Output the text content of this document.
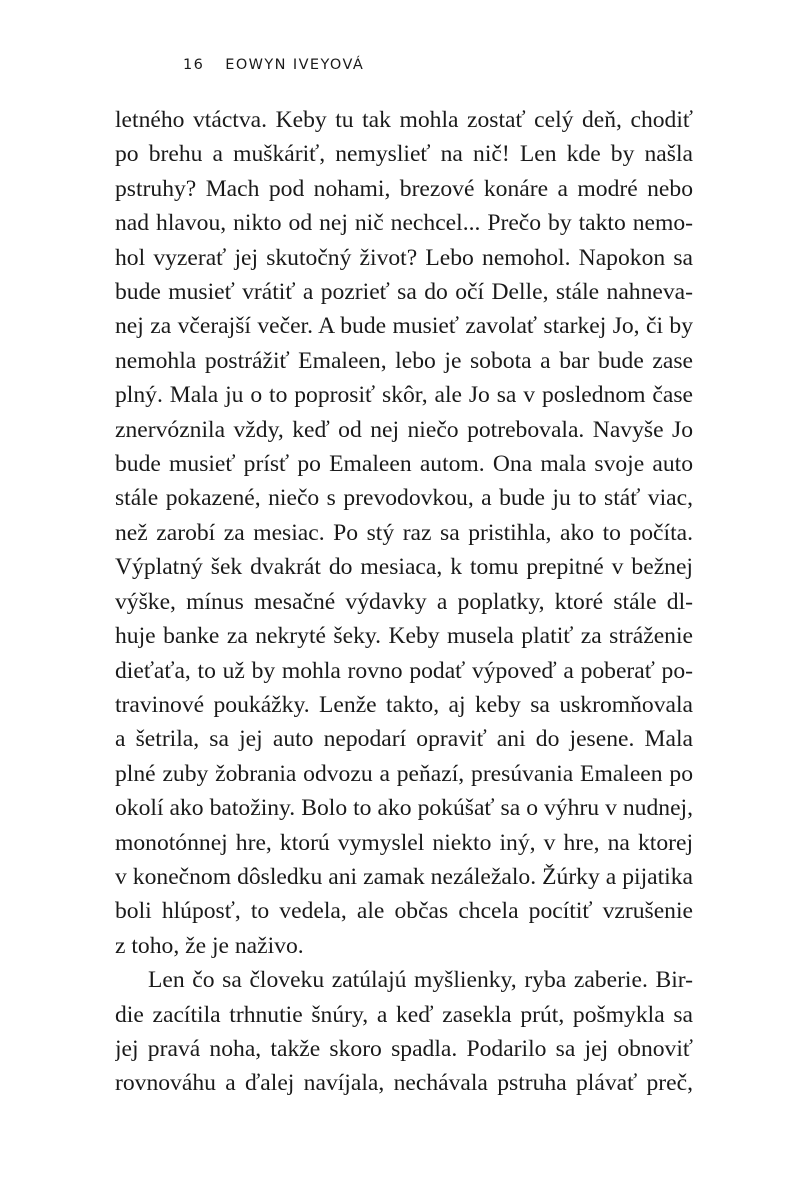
16 EOWYN IVEYOVÁ

letného vtáctva. Keby tu tak mohla zostať celý deň, chodiť
po brehu a muškáriť, nemyslieť na nič! Len kde by našla
pstruhy? Mach pod nohami, brezové konáre a modré nebo
nad hlavou, nikto od nej nič nechcel... Prečo by takto nemo-
hol vyzerať jej skutočný život? Lebo nemohol. Napokon sa
bude musieť vrátiť a pozrieť sa do očí Delle, stále nahneva-
nej za včerajší večer. A bude musieť zavolať starkej Jo, či by
nemohla postrážiť Emaleen, lebo je sobota a bar bude zase
plný. Mala ju o to poprosiť skôr, ale Jo sa v poslednom čase
znervóznila vždy, keď od nej niečo potrebovala. Navyše Jo
bude musieť prísť po Emaleen autom. Ona mala svoje auto
stále pokazené, niečo s prevodovkou, a bude ju to stáť viac,
než zarobí za mesiac. Po stý raz sa pristihla, ako to počíta.
Výplatný šek dvakrát do mesiaca, k tomu prepitné v bežnej
výške, mínus mesačné výdavky a poplatky, ktoré stále dl-
huje banke za nekryté šeky. Keby musela platiť za stráženie
dieťaťa, to už by mohla rovno podať výpoveď a poberať po-
travinové poukážky. Lenže takto, aj keby sa uskromňovala
a šetrila, sa jej auto nepodarí opraviť ani do jesene. Mala
plné zuby žobrania odvozu a peňazí, presúvania Emaleen po
okolí ako batožiny. Bolo to ako pokúšať sa o výhru v nudnej,
monotónnej hre, ktorú vymyslel niekto iný, v hre, na ktorej
v konečnom dôsledku ani zamak nezáležalo. Žúrky a pijatika
boli hlúposť, to vedela, ale občas chcela pocítiť vzrušenie
z toho, že je naživo.

Len čo sa človeku zatúlajú myšlienky, ryba zaberie. Bir-
die zacítila trhnutie šnúry, a keď zasekla prút, pošmykla sa
jej pravá noha, takže skoro spadla. Podarilo sa jej obnoviť
rovnováhu a ďalej navíjala, nechávala pstruha plávať preč,
